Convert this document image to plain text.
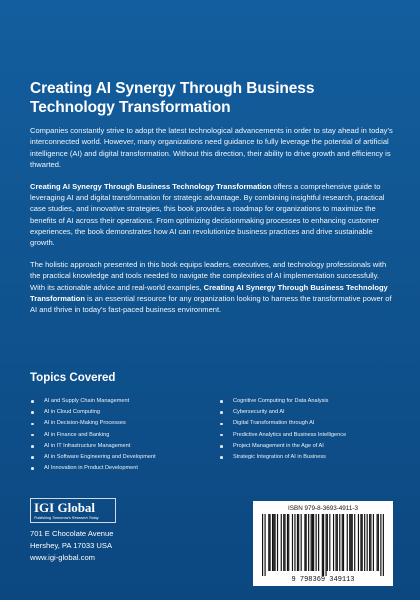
Creating AI Synergy Through Business
Technology Transformation

Companies constantly strive to adopt the latest technological advancements in order to stay ahead in today’s interconnected world. However, many organizations need guidance to fully leverage the potential of artificial intelligence (AI) and digital transformation. Without this direction, their ability to drive growth and efficiency is thwarted.

Creating AI Synergy Through Business Technology Transformation offers a comprehensive guide to leveraging AI and digital transformation for strategic advantage. By combining insightful research, practical case studies, and innovative strategies, this book provides a roadmap for organizations to maximize the benefits of AI across their operations. From optimizing decisionmaking processes to enhancing customer experiences, the book demonstrates how AI can revolutionize business practices and drive sustainable growth.

The holistic approach presented in this book equips leaders, executives, and technology professionals with the practical knowledge and tools needed to navigate the complexities of AI implementation successfully. With its actionable advice and real-world examples, Creating AI Synergy Through Business Technology Transformation is an essential resource for any organization looking to harness the transformative power of AI and thrive in today’s fast-paced business environment.

Topics Covered
AI and Supply Chain Management
AI in Cloud Computing
AI in Decision-Making Processes
AI in Finance and Banking
AI in IT Infrastructure Management
AI in Software Engineering and Development
AI Innovation in Product Development
Cognitive Computing for Data Analysis
Cybersecurity and AI
Digital Transformation through AI
Predictive Analytics and Business Intelligence
Project Management in the Age of AI
Strategic Integration of AI in Business
IGI Global
Publishing Tomorrow’s Research Today
701 E Chocolate Avenue
Hershey, PA 17033 USA
www.igi-global.com
ISBN 979-8-3693-4911-3
9 798369 349113
